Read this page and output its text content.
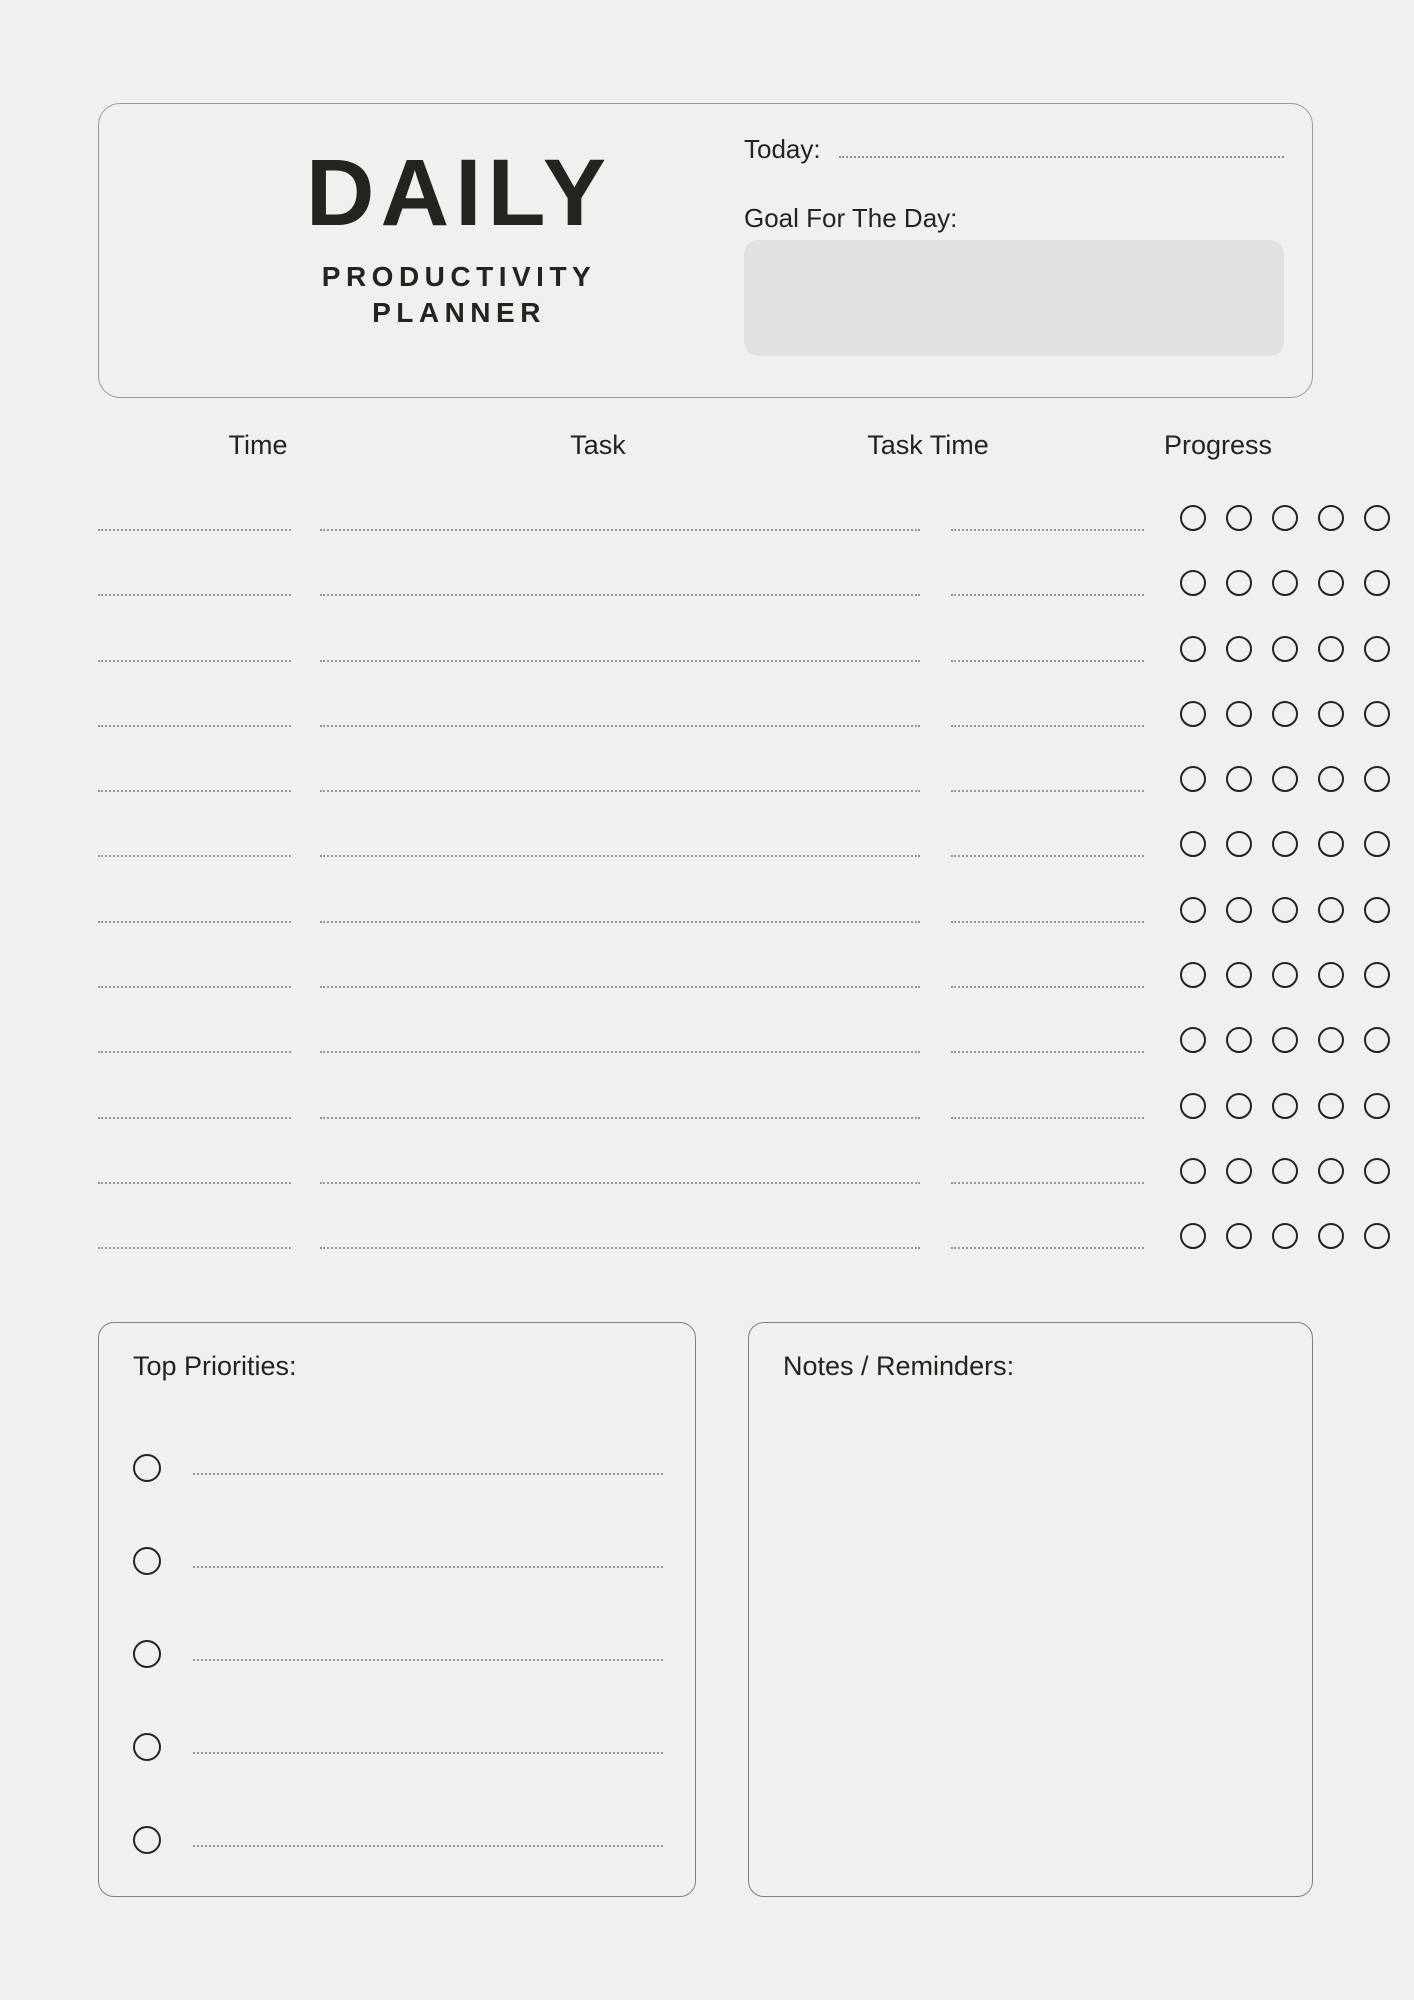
DAILY
PRODUCTIVITY
PLANNER
Today:
Goal For The Day:
Time	Task	Task Time	Progress
Top Priorities:	Notes / Reminders:
